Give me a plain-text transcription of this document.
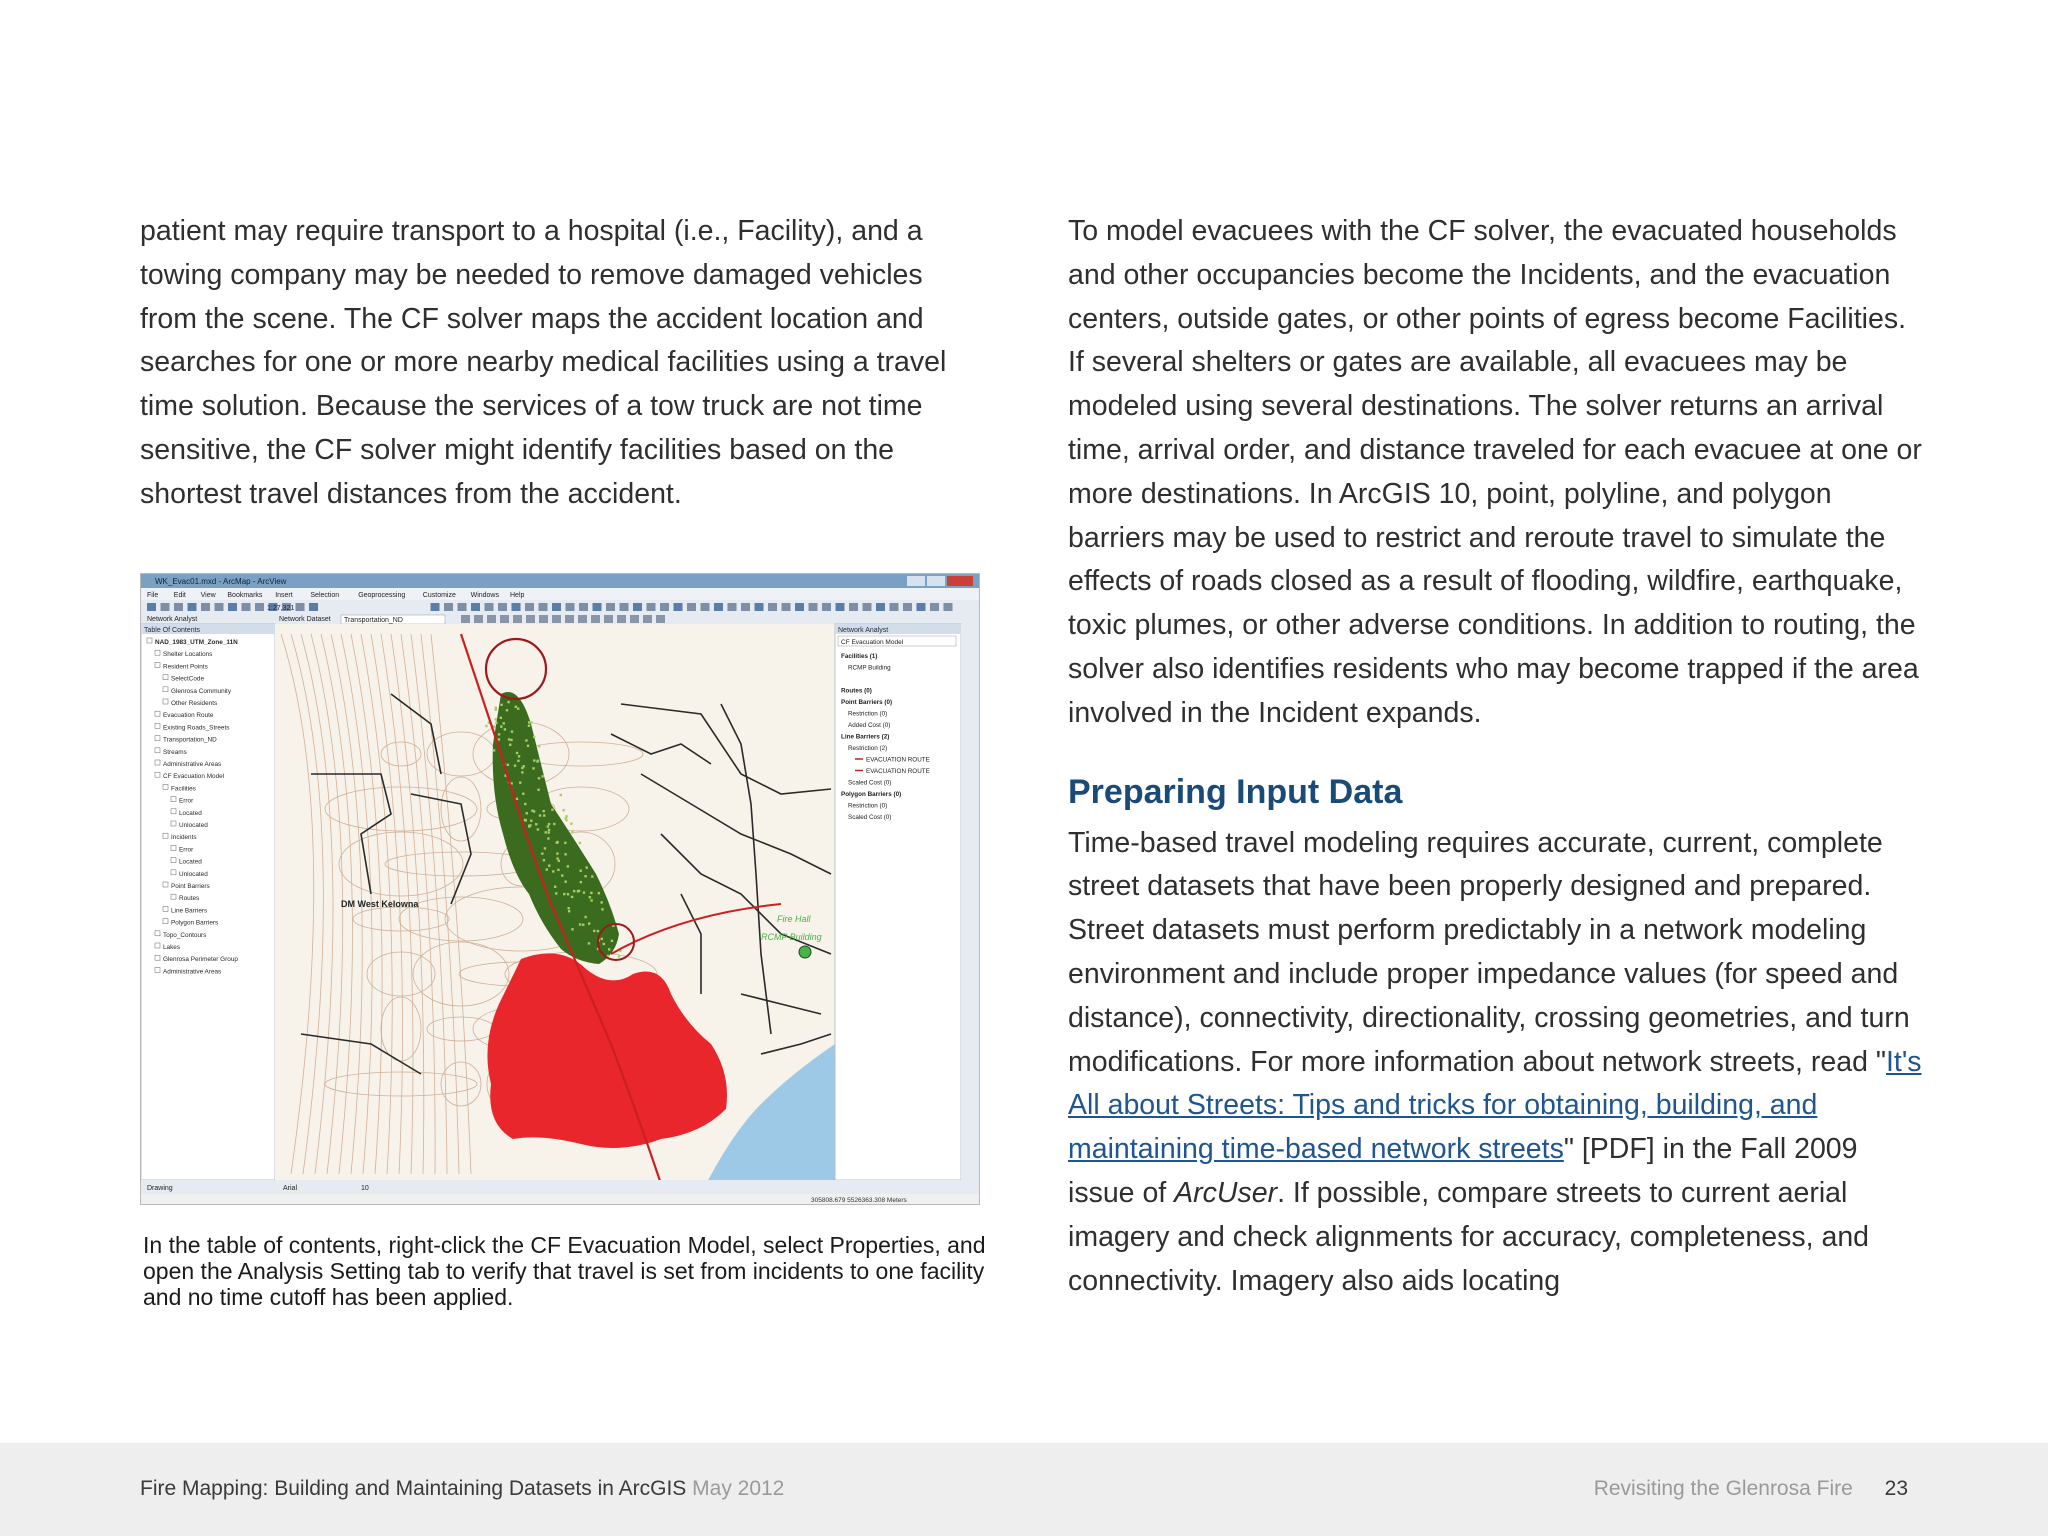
patient may require transport to a hospital (i.e., Facility), and a towing company may be needed to remove damaged vehicles from the scene. The CF solver maps the accident location and searches for one or more nearby medical facilities using a travel time solution. Because the services of a tow truck are not time sensitive, the CF solver might identify facilities based on the shortest travel distances from the accident.

WK_Evac01.mxd - ArcMap - ArcView
File Edit View Bookmarks Insert	Selection	Geoprocessing	Customize Windows Help
1:27,321
Network Analyst	Network Dataset Transportation_ND
Table Of Contents
NAD_1983_UTM_Zone_11N
Shelter Locations
Resident Points
SelectCode
Glenrosa Community
Other Residents
Evacuation Route
Existing Roads_Streets
Transportation_ND
Streams
Administrative Areas
CF Evacuation Model
Facilities
Error
Located
Unlocated
Incidents
Error
Located
Unlocated
Point Barriers
Routes
Line Barriers
Polygon Barriers
Topo_Contours
Lakes
Glenrosa Perimeter Group
Administrative Areas
DM West Kelowna
Fire Hall
RCMP Building
Network Analyst
CF Evacuation Model
Facilities (1)
RCMP Building
Incidents (1567)
Routes (0)
Point Barriers (0)
Restriction (0)
Added Cost (0)
Line Barriers (2)
Restriction (2)
EVACUATION ROUTE
EVACUATION ROUTE
Scaled Cost (0)
Polygon Barriers (0)
Restriction (0)
Scaled Cost (0)
Drawing	Arial	10
305808.679 5526363.308 Meters
In the table of contents, right-click the CF Evacuation Model, select Properties, and open the Analysis Setting tab to verify that travel is set from incidents to one facility and no time cutoff has been applied.

To model evacuees with the CF solver, the evacuated households and other occupancies become the Incidents, and the evacuation centers, outside gates, or other points of egress become Facilities. If several shelters or gates are available, all evacuees may be modeled using several destinations. The solver returns an arrival time, arrival order, and distance traveled for each evacuee at one or more destinations. In ArcGIS 10, point, polyline, and polygon barriers may be used to restrict and reroute travel to simulate the effects of roads closed as a result of flooding, wildfire, earthquake, toxic plumes, or other adverse conditions. In addition to routing, the solver also identifies residents who may become trapped if the area involved in the Incident expands.

Preparing Input Data

Time-based travel modeling requires accurate, current, complete street datasets that have been properly designed and prepared. Street datasets must perform predictably in a network modeling environment and include proper impedance values (for speed and distance), connectivity, directionality, crossing geometries, and turn modifications. For more information about network streets, read "It's All about Streets: Tips and tricks for obtaining, building, and maintaining time-based network streets" [PDF] in the Fall 2009 issue of ArcUser. If possible, compare streets to current aerial imagery and check alignments for accuracy, completeness, and connectivity. Imagery also aids locating

Fire Mapping: Building and Maintaining Datasets in ArcGIS May 2012	Revisiting the Glenrosa Fire 23
